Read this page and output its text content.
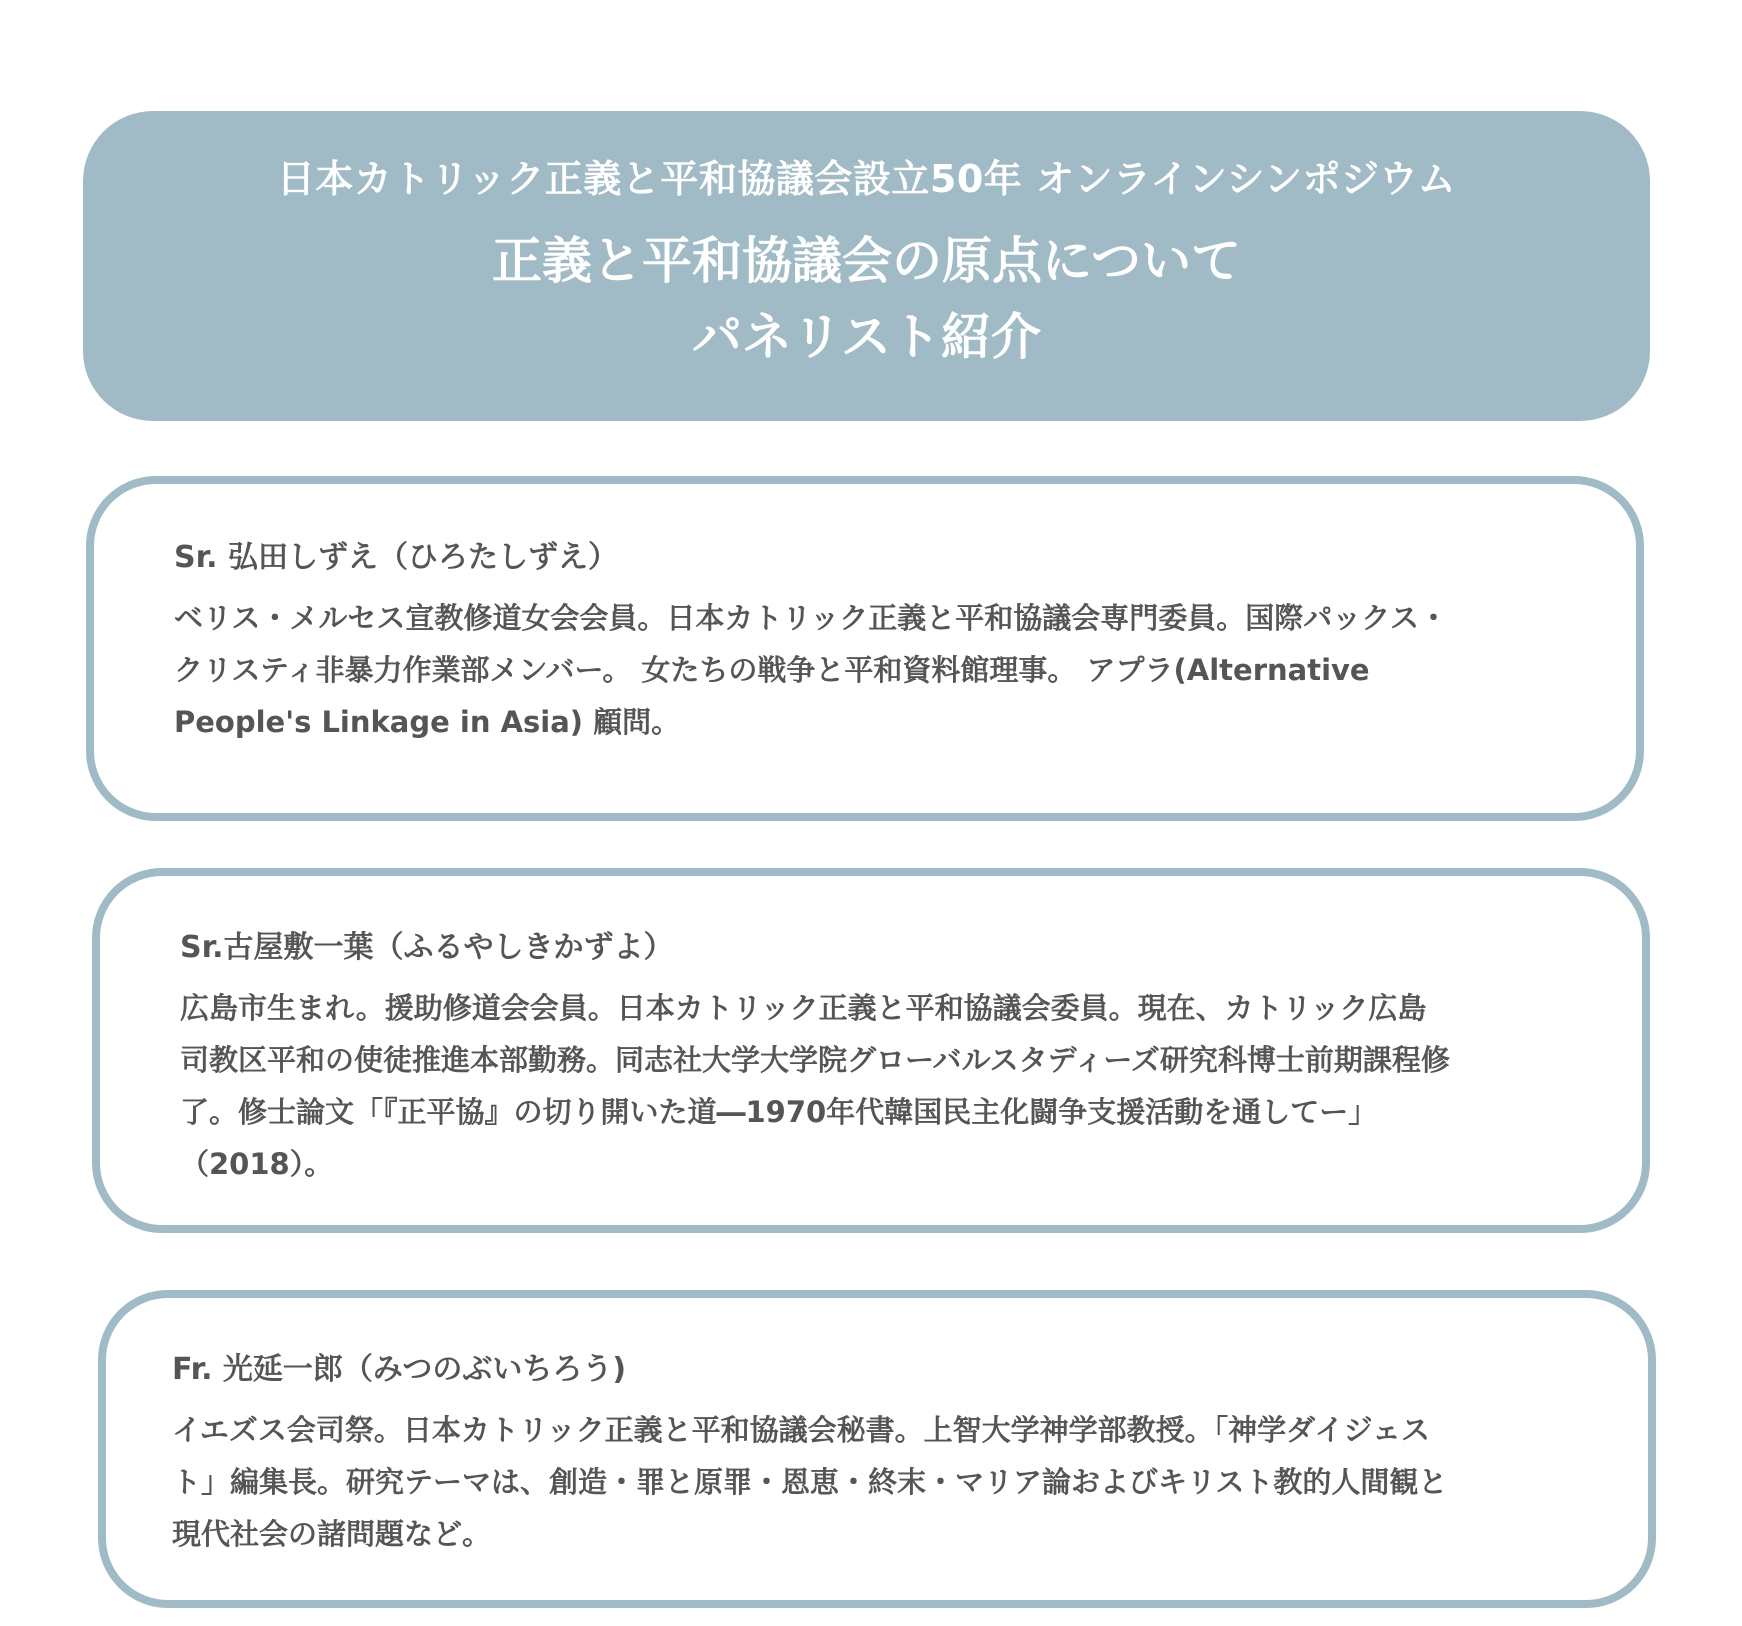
日本カトリック正義と平和協議会設立50年 オンラインシンポジウム
正義と平和協議会の原点について
パネリスト紹介
Sr. 弘田しずえ（ひろたしずえ）
ベリス・メルセス宣教修道女会会員。日本カトリック正義と平和協議会専門委員。国際パックス・
クリスティ非暴力作業部メンバー。 女たちの戦争と平和資料館理事。 アプラ(Alternative
People's Linkage in Asia) 顧問。
Sr.古屋敷一葉（ふるやしきかずよ）
広島市生まれ。援助修道会会員。日本カトリック正義と平和協議会委員。現在、カトリック広島
司教区平和の使徒推進本部勤務。同志社大学大学院グローバルスタディーズ研究科博士前期課程修
了。修士論文「『正平協』の切り開いた道―1970年代韓国民主化闘争支援活動を通してー」
（2018）。
Fr. 光延一郎（みつのぶいちろう)
イエズス会司祭。日本カトリック正義と平和協議会秘書。上智大学神学部教授。「神学ダイジェス
ト」編集長。研究テーマは、創造・罪と原罪・恩恵・終末・マリア論およびキリスト教的人間観と
現代社会の諸問題など。
